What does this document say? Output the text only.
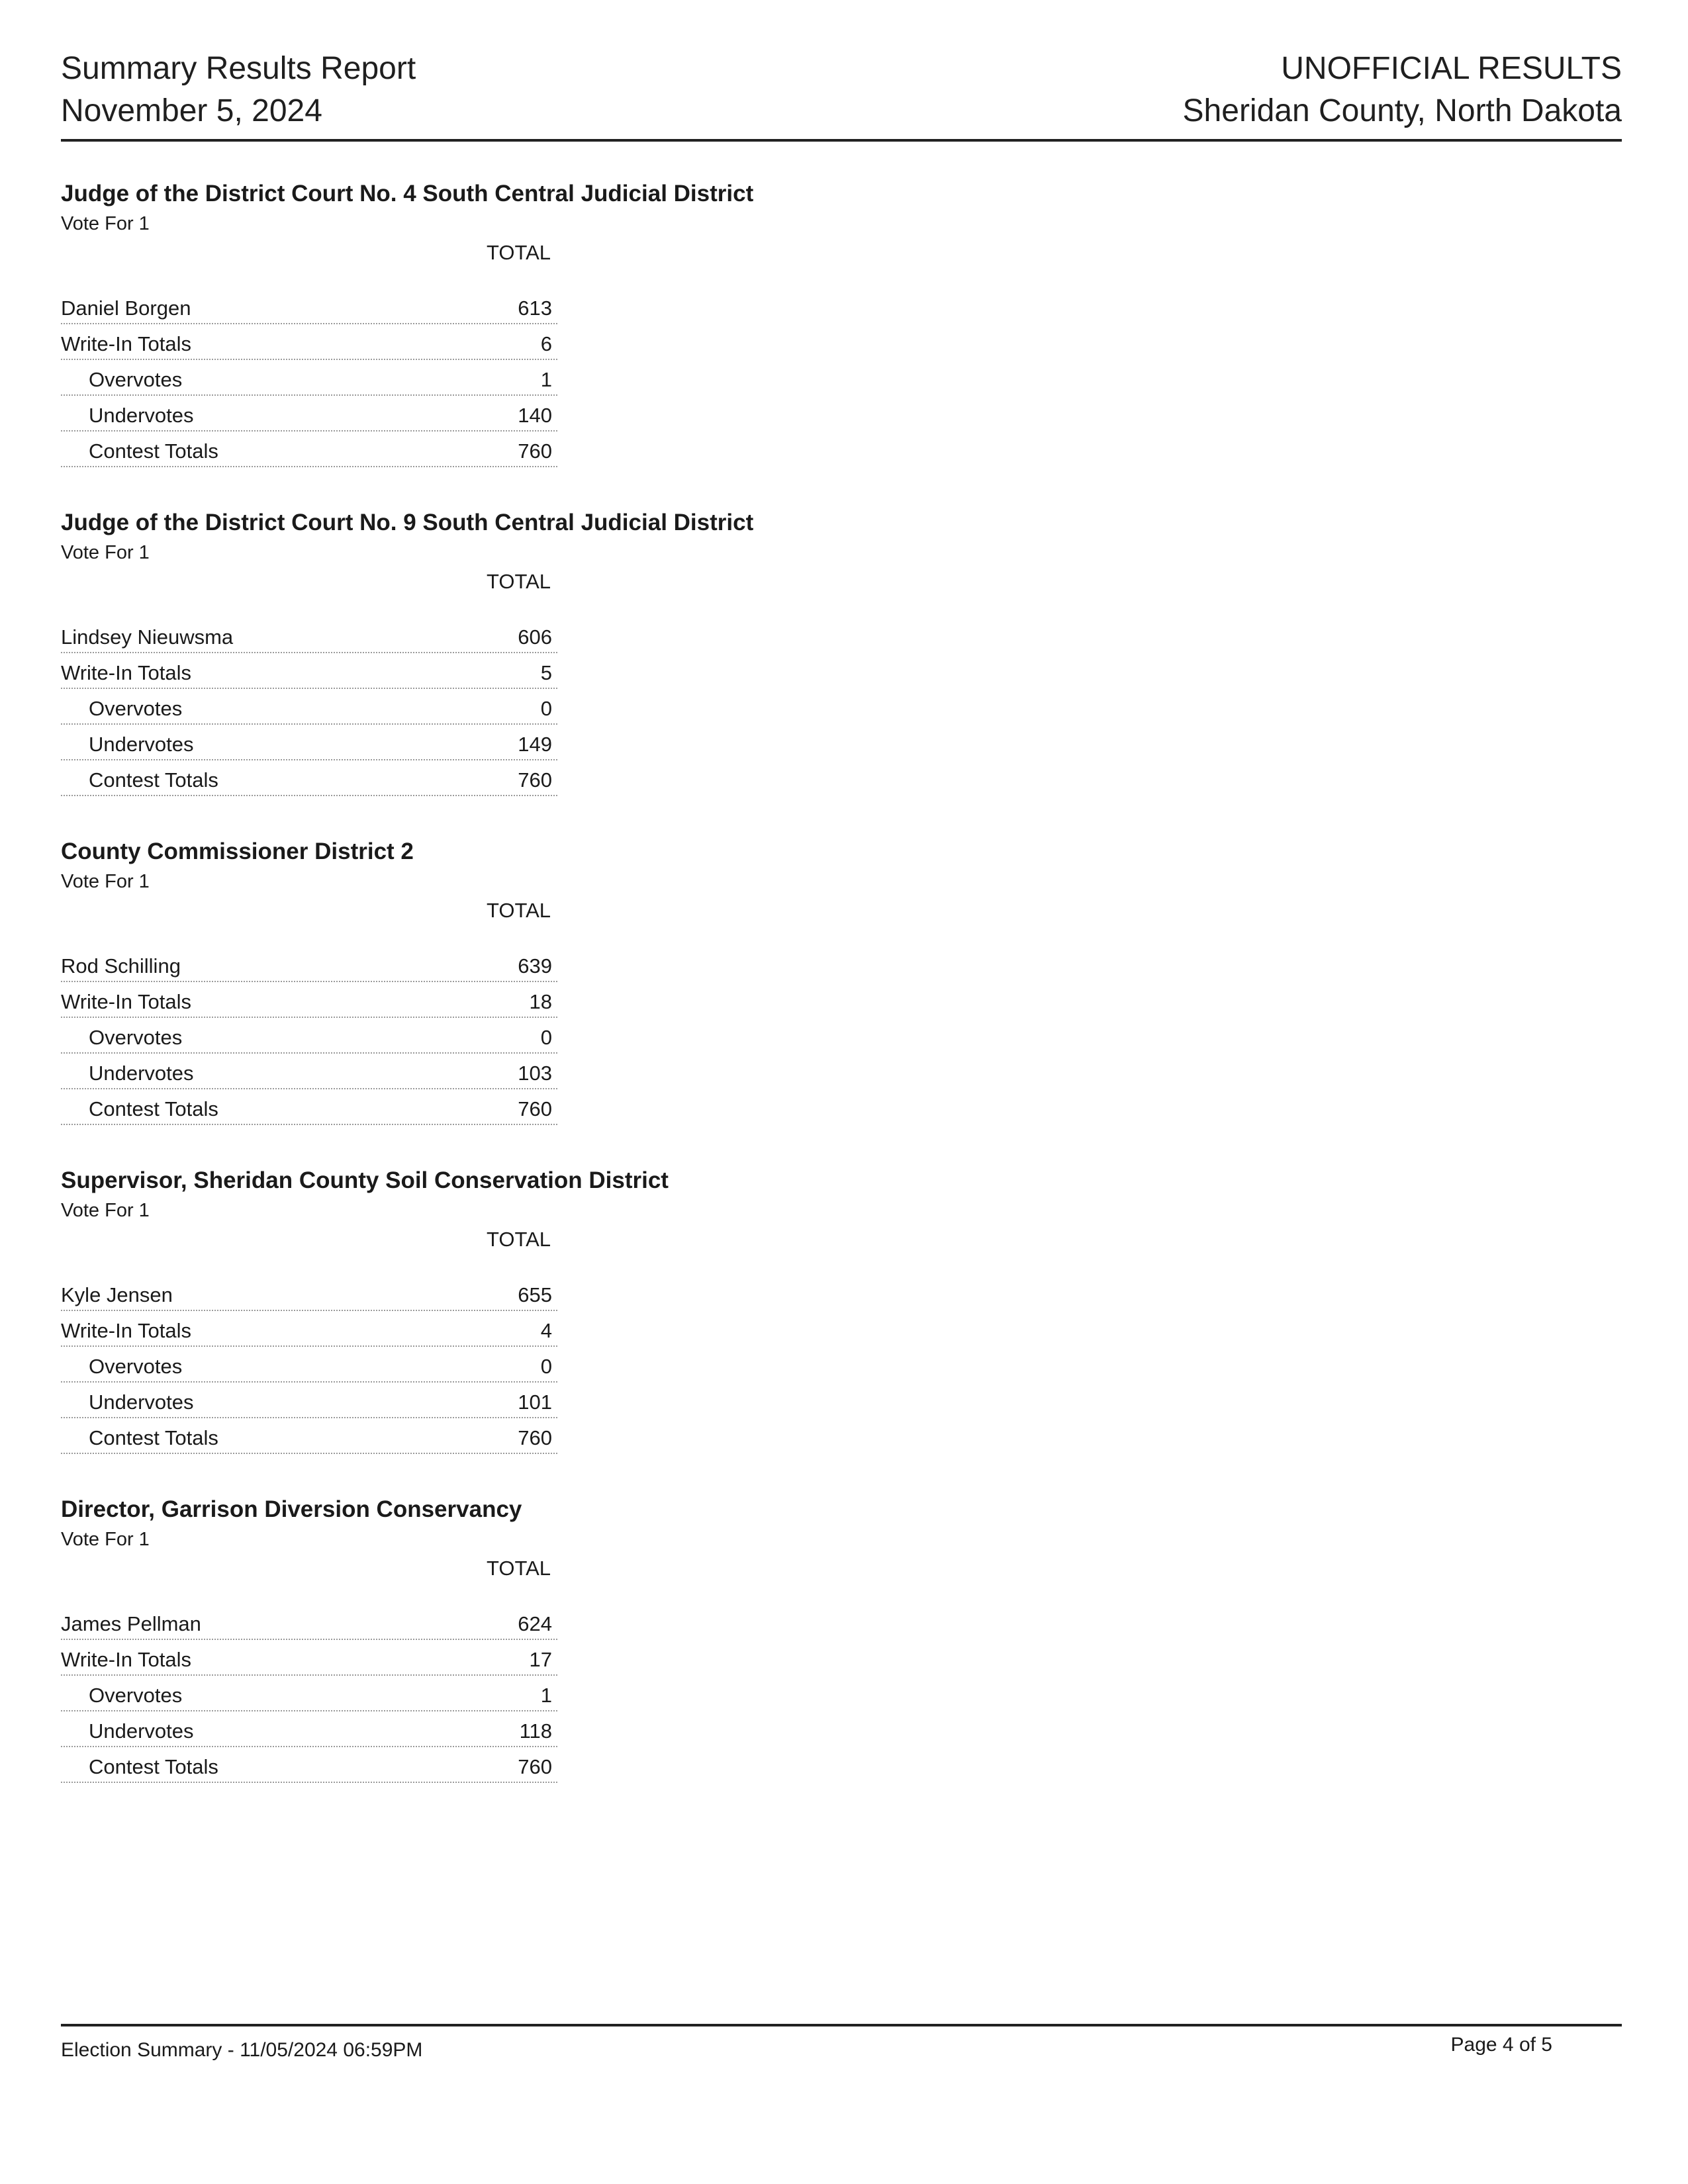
Summary Results Report
November 5, 2024
UNOFFICIAL RESULTS
Sheridan County, North Dakota
Judge of the District Court No. 4 South Central Judicial District
Vote For 1
TOTAL
Daniel Borgen	613
Write-In Totals	6
Overvotes	1
Undervotes	140
Contest Totals	760
Judge of the District Court No. 9 South Central Judicial District
Vote For 1
TOTAL
Lindsey Nieuwsma	606
Write-In Totals	5
Overvotes	0
Undervotes	149
Contest Totals	760
County Commissioner District 2
Vote For 1
TOTAL
Rod Schilling	639
Write-In Totals	18
Overvotes	0
Undervotes	103
Contest Totals	760
Supervisor, Sheridan County Soil Conservation District
Vote For 1
TOTAL
Kyle Jensen	655
Write-In Totals	4
Overvotes	0
Undervotes	101
Contest Totals	760
Director, Garrison Diversion Conservancy
Vote For 1
TOTAL
James Pellman	624
Write-In Totals	17
Overvotes	1
Undervotes	118
Contest Totals	760
Election Summary - 11/05/2024 06:59PM	Page 4 of 5
